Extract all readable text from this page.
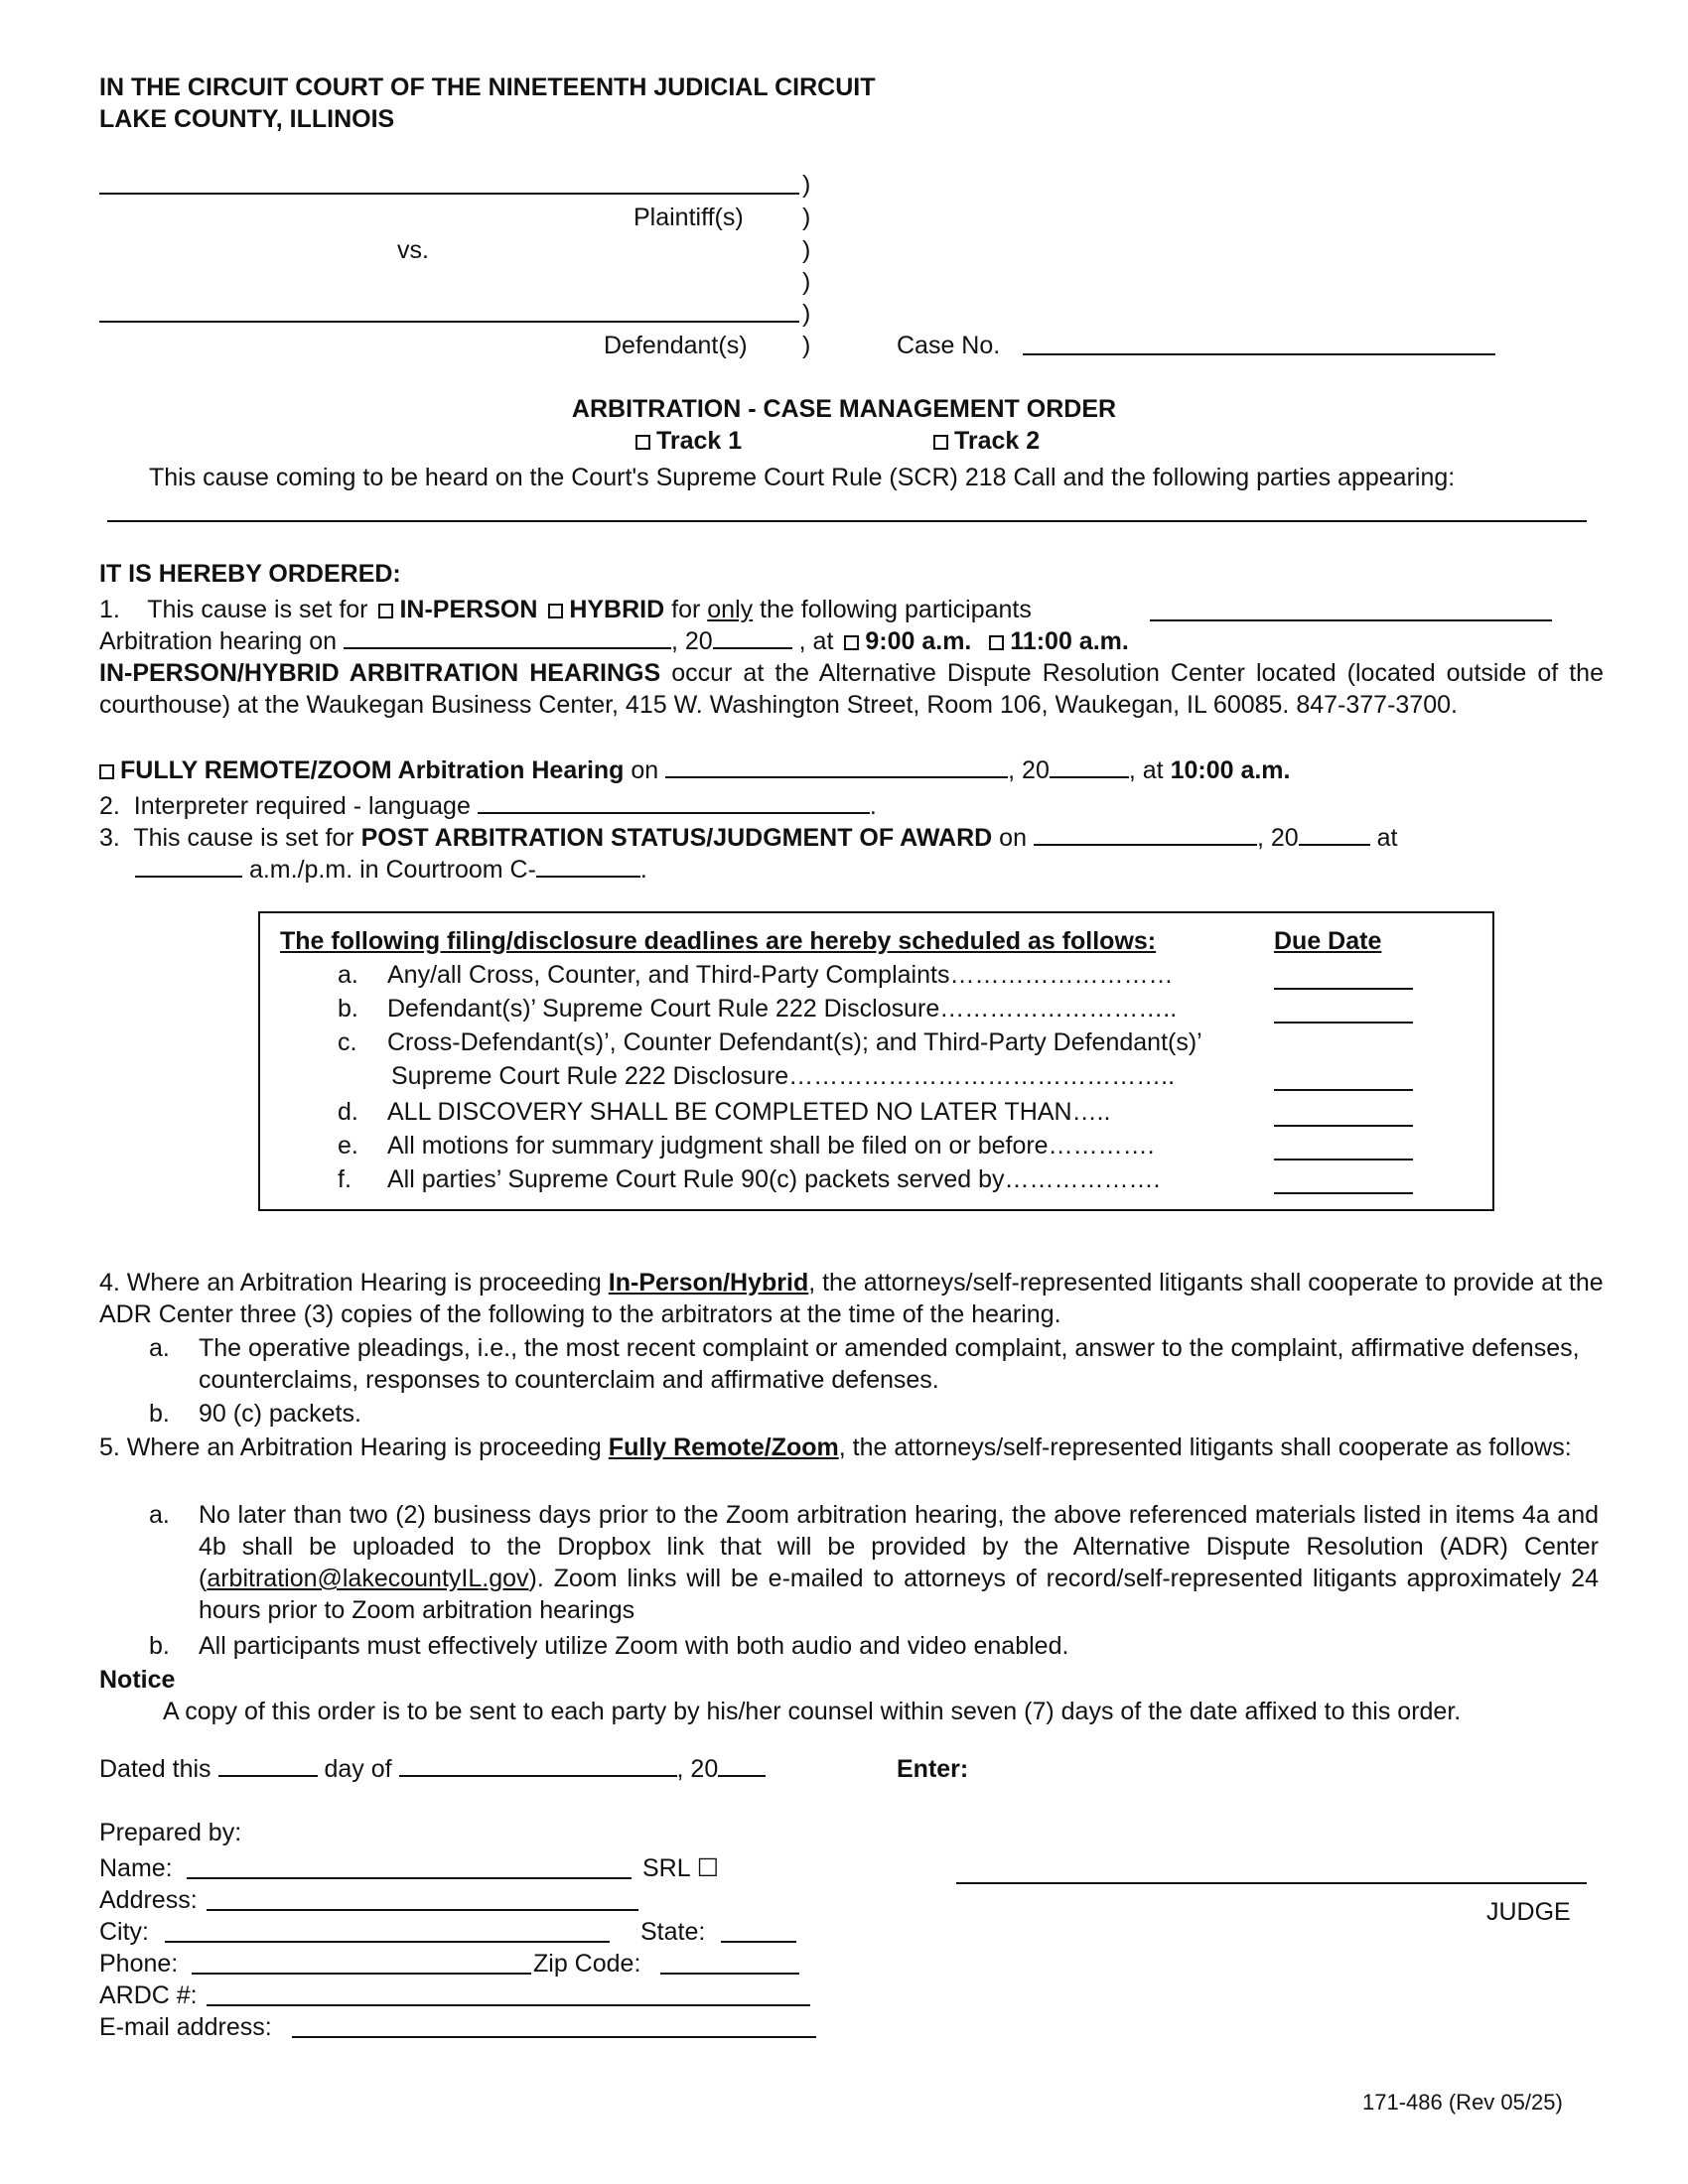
IN THE CIRCUIT COURT OF THE NINETEENTH JUDICIAL CIRCUIT
LAKE COUNTY, ILLINOIS
)
Plaintiff(s) )
vs.	)
)
)
Defendant(s) )	Case No.
ARBITRATION - CASE MANAGEMENT ORDER
Track 1	Track 2
This cause coming to be heard on the Court's Supreme Court Rule (SCR) 218 Call and the following parties appearing:
IT IS HEREBY ORDERED:
1. This cause is set for IN-PERSON HYBRID for only the following participants
Arbitration hearing on	, 20	, at 9:00 a.m. 11:00 a.m.
IN-PERSON/HYBRID ARBITRATION HEARINGS occur at the Alternative Dispute Resolution Center located (located outside of the courthouse) at the Waukegan Business Center, 415 W. Washington Street, Room 106, Waukegan, IL 60085. 847-377-3700.
FULLY REMOTE/ZOOM Arbitration Hearing on	, 20	, at 10:00 a.m.
2. Interpreter required - language	.
3. This cause is set for POST ARBITRATION STATUS/JUDGMENT OF AWARD on	, 20	at
a.m./p.m. in Courtroom C-	.
The following filing/disclosure deadlines are hereby scheduled as follows:	Due Date
a. Any/all Cross, Counter, and Third-Party Complaints………………………
b. Defendant(s)’ Supreme Court Rule 222 Disclosure………………………..
c. Cross-Defendant(s)’, Counter Defendant(s); and Third-Party Defendant(s)’
Supreme Court Rule 222 Disclosure………………………………………..
d. ALL DISCOVERY SHALL BE COMPLETED NO LATER THAN…..
e. All motions for summary judgment shall be filed on or before………….
f. All parties’ Supreme Court Rule 90(c) packets served by……………….
4. Where an Arbitration Hearing is proceeding In-Person/Hybrid, the attorneys/self-represented litigants shall cooperate to provide at the ADR Center three (3) copies of the following to the arbitrators at the time of the hearing.
a. The operative pleadings, i.e., the most recent complaint or amended complaint, answer to the complaint, affirmative defenses, counterclaims, responses to counterclaim and affirmative defenses.
b. 90 (c) packets.
5. Where an Arbitration Hearing is proceeding Fully Remote/Zoom, the attorneys/self-represented litigants shall cooperate as follows:
a. No later than two (2) business days prior to the Zoom arbitration hearing, the above referenced materials listed in items 4a and 4b shall be uploaded to the Dropbox link that will be provided by the Alternative Dispute Resolution (ADR) Center (arbitration@lakecountyIL.gov). Zoom links will be e-mailed to attorneys of record/self-represented litigants approximately 24 hours prior to Zoom arbitration hearings
b. All participants must effectively utilize Zoom with both audio and video enabled.
Notice
A copy of this order is to be sent to each party by his/her counsel within seven (7) days of the date affixed to this order.
Dated this	day of	, 20	Enter:
Prepared by:
Name:	SRL ☐
Address:
City:	State:
Phone:	Zip Code:
ARDC #:
E-mail address:
JUDGE
171-486 (Rev 05/25)
